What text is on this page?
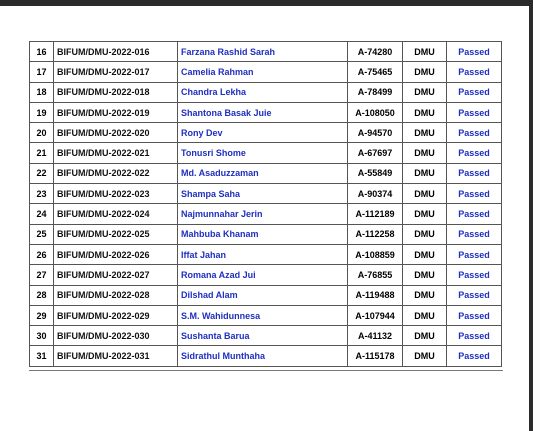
16	BIFUM/DMU-2022-016	Farzana Rashid Sarah	A-74280	DMU	Passed
17	BIFUM/DMU-2022-017	Camelia Rahman	A-75465	DMU	Passed
18	BIFUM/DMU-2022-018	Chandra Lekha	A-78499	DMU	Passed
19	BIFUM/DMU-2022-019	Shantona Basak Juie	A-108050	DMU	Passed
20	BIFUM/DMU-2022-020	Rony Dev	A-94570	DMU	Passed
21	BIFUM/DMU-2022-021	Tonusri Shome	A-67697	DMU	Passed
22	BIFUM/DMU-2022-022	Md. Asaduzzaman	A-55849	DMU	Passed
23	BIFUM/DMU-2022-023	Shampa Saha	A-90374	DMU	Passed
24	BIFUM/DMU-2022-024	Najmunnahar Jerin	A-112189	DMU	Passed
25	BIFUM/DMU-2022-025	Mahbuba Khanam	A-112258	DMU	Passed
26	BIFUM/DMU-2022-026	Iffat Jahan	A-108859	DMU	Passed
27	BIFUM/DMU-2022-027	Romana Azad Jui	A-76855	DMU	Passed
28	BIFUM/DMU-2022-028	Dilshad Alam	A-119488	DMU	Passed
29	BIFUM/DMU-2022-029	S.M. Wahidunnesa	A-107944	DMU	Passed
30	BIFUM/DMU-2022-030	Sushanta Barua	A-41132	DMU	Passed
31	BIFUM/DMU-2022-031	Sidrathul Munthaha	A-115178	DMU	Passed
